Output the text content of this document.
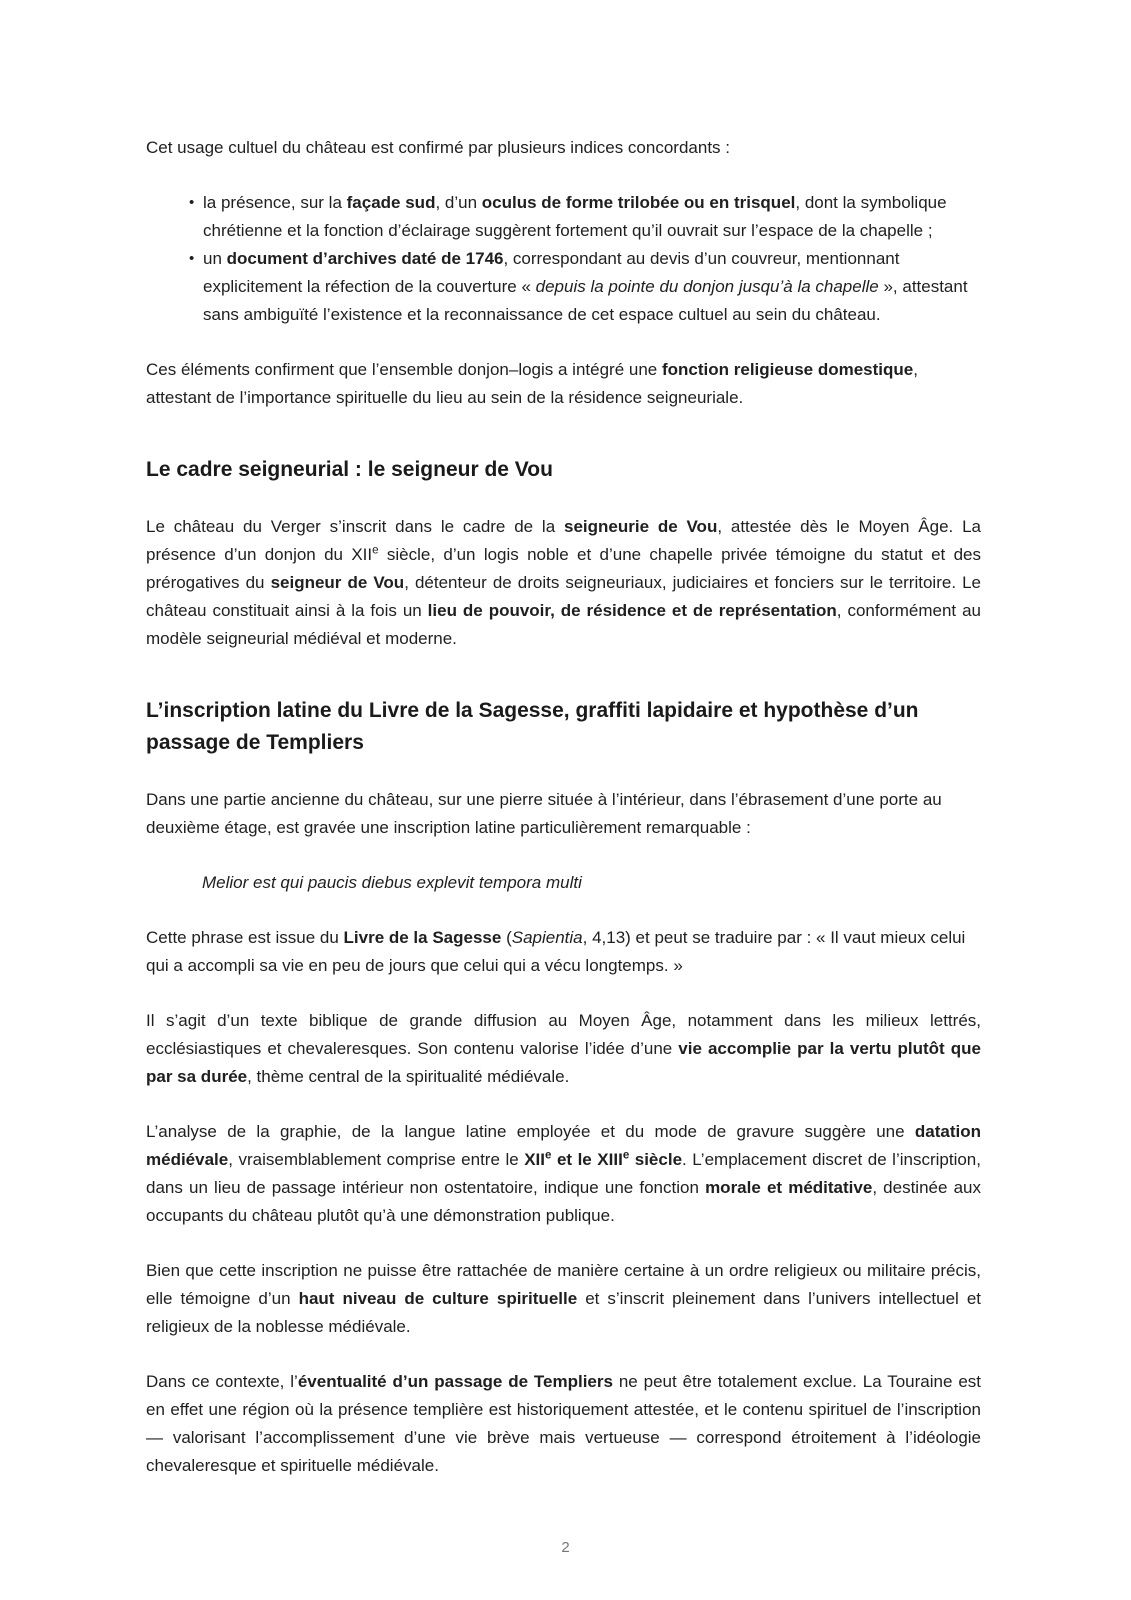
Cet usage cultuel du château est confirmé par plusieurs indices concordants :

• la présence, sur la façade sud, d’un oculus de forme trilobée ou en trisquel, dont la symbolique chrétienne et la fonction d’éclairage suggèrent fortement qu’il ouvrait sur l’espace de la chapelle ;
• un document d’archives daté de 1746, correspondant au devis d’un couvreur, mentionnant explicitement la réfection de la couverture « depuis la pointe du donjon jusqu’à la chapelle », attestant sans ambiguïté l’existence et la reconnaissance de cet espace cultuel au sein du château.

Ces éléments confirment que l’ensemble donjon–logis a intégré une fonction religieuse domestique, attestant de l’importance spirituelle du lieu au sein de la résidence seigneuriale.

Le cadre seigneurial : le seigneur de Vou

Le château du Verger s’inscrit dans le cadre de la seigneurie de Vou, attestée dès le Moyen Âge. La présence d’un donjon du XIIe siècle, d’un logis noble et d’une chapelle privée témoigne du statut et des prérogatives du seigneur de Vou, détenteur de droits seigneuriaux, judiciaires et fonciers sur le territoire. Le château constituait ainsi à la fois un lieu de pouvoir, de résidence et de représentation, conformément au modèle seigneurial médiéval et moderne.

L’inscription latine du Livre de la Sagesse, graffiti lapidaire et hypothèse d’un passage de Templiers

Dans une partie ancienne du château, sur une pierre située à l’intérieur, dans l’ébrasement d’une porte au deuxième étage, est gravée une inscription latine particulièrement remarquable :

Melior est qui paucis diebus explevit tempora multi

Cette phrase est issue du Livre de la Sagesse (Sapientia, 4,13) et peut se traduire par : « Il vaut mieux celui qui a accompli sa vie en peu de jours que celui qui a vécu longtemps. »

Il s’agit d’un texte biblique de grande diffusion au Moyen Âge, notamment dans les milieux lettrés, ecclésiastiques et chevaleresques. Son contenu valorise l’idée d’une vie accomplie par la vertu plutôt que par sa durée, thème central de la spiritualité médiévale.

L’analyse de la graphie, de la langue latine employée et du mode de gravure suggère une datation médiévale, vraisemblablement comprise entre le XIIe et le XIIIe siècle. L’emplacement discret de l’inscription, dans un lieu de passage intérieur non ostentatoire, indique une fonction morale et méditative, destinée aux occupants du château plutôt qu’à une démonstration publique.

Bien que cette inscription ne puisse être rattachée de manière certaine à un ordre religieux ou militaire précis, elle témoigne d’un haut niveau de culture spirituelle et s’inscrit pleinement dans l’univers intellectuel et religieux de la noblesse médiévale.

Dans ce contexte, l’éventualité d’un passage de Templiers ne peut être totalement exclue. La Touraine est en effet une région où la présence templière est historiquement attestée, et le contenu spirituel de l’inscription — valorisant l’accomplissement d’une vie brève mais vertueuse — correspond étroitement à l’idéologie chevaleresque et spirituelle médiévale.

2
